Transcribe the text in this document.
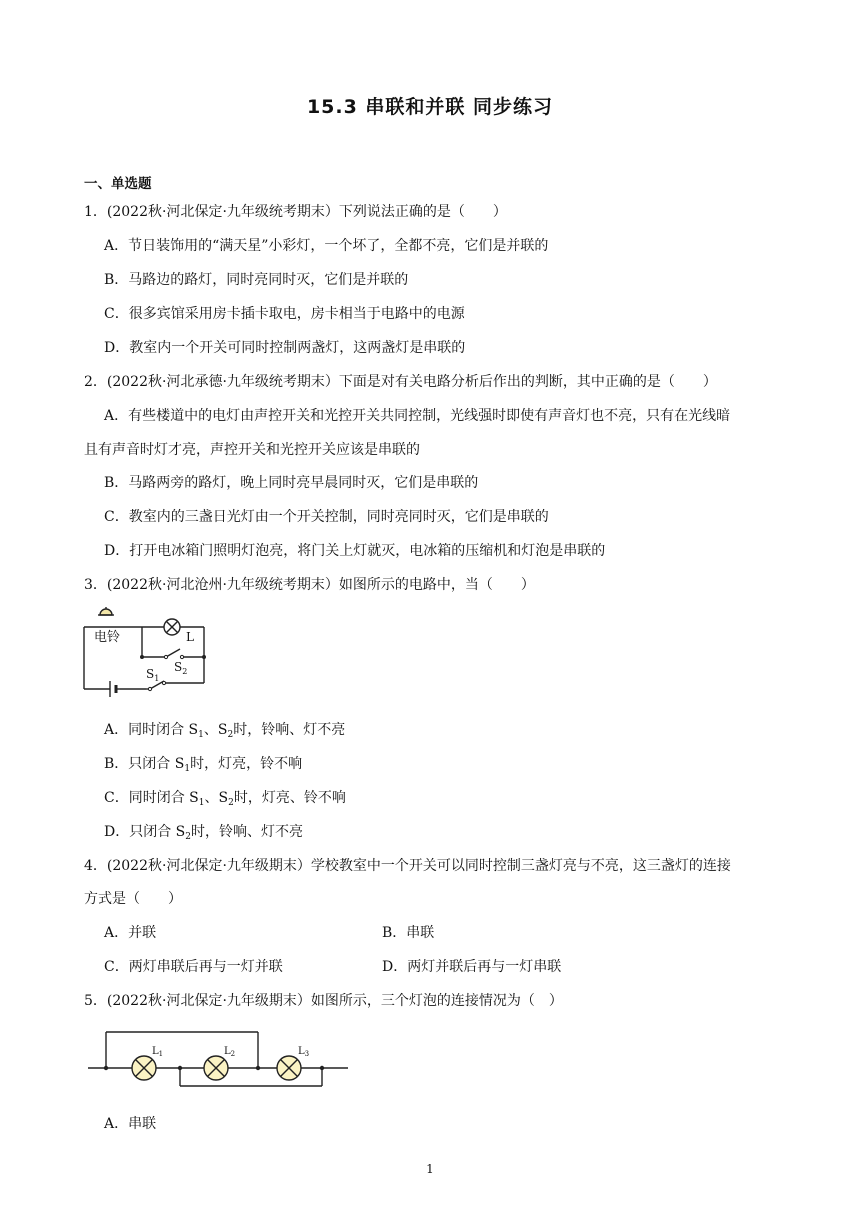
15.3 串联和并联 同步练习
一、单选题
1．(2022秋·河北保定·九年级统考期末）下列说法正确的是（　　）
A．节日装饰用的“满天星”小彩灯，一个坏了，全都不亮，它们是并联的
B．马路边的路灯，同时亮同时灭，它们是并联的
C．很多宾馆采用房卡插卡取电，房卡相当于电路中的电源
D．教室内一个开关可同时控制两盏灯，这两盏灯是串联的
2．(2022秋·河北承德·九年级统考期末）下面是对有关电路分析后作出的判断，其中正确的是（　　）
A．有些楼道中的电灯由声控开关和光控开关共同控制，光线强时即使有声音灯也不亮，只有在光线暗
且有声音时灯才亮，声控开关和光控开关应该是串联的
B．马路两旁的路灯，晚上同时亮早晨同时灭，它们是串联的
C．教室内的三盏日光灯由一个开关控制，同时亮同时灭，它们是串联的
D．打开电冰箱门照明灯泡亮，将门关上灯就灭，电冰箱的压缩机和灯泡是串联的
3．(2022秋·河北沧州·九年级统考期末）如图所示的电路中，当（　　）
电铃	L
$S_2$
$S_1$
A．同时闭合 $S_1$、$S_2$时，铃响、灯不亮
B．只闭合 $S_1$时，灯亮，铃不响
C．同时闭合 $S_1$、$S_2$时，灯亮、铃不响
D．只闭合 $S_2$时，铃响、灯不亮
4．(2022秋·河北保定·九年级期末）学校教室中一个开关可以同时控制三盏灯亮与不亮，这三盏灯的连接
方式是（　　）
A．并联	B．串联
C．两灯串联后再与一灯并联	D．两灯并联后再与一灯串联
5．(2022秋·河北保定·九年级期末）如图所示，三个灯泡的连接情况为（　）
$L_1$	$L_2$	$L_3$
A．串联
1
